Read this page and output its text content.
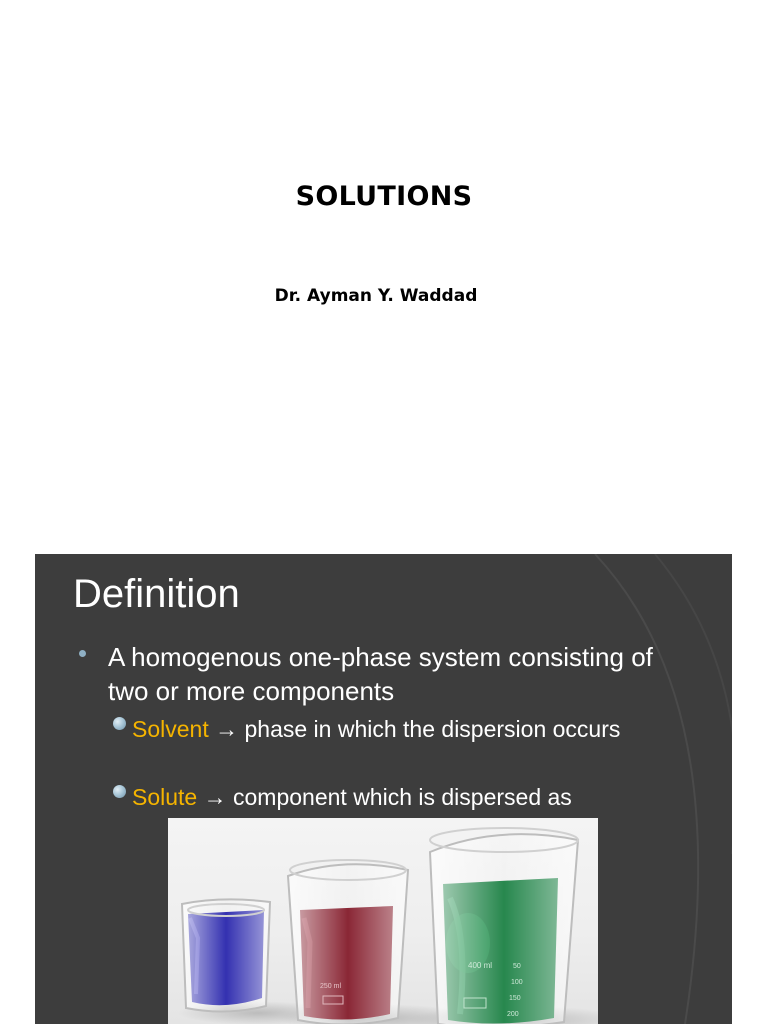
SOLUTIONS
Dr. Ayman Y. Waddad
Definition
A homogenous one-phase system consisting of two or more components
Solvent → phase in which the dispersion occurs
Solute → component which is dispersed as
250 ml
400 ml	50
100
150
200
